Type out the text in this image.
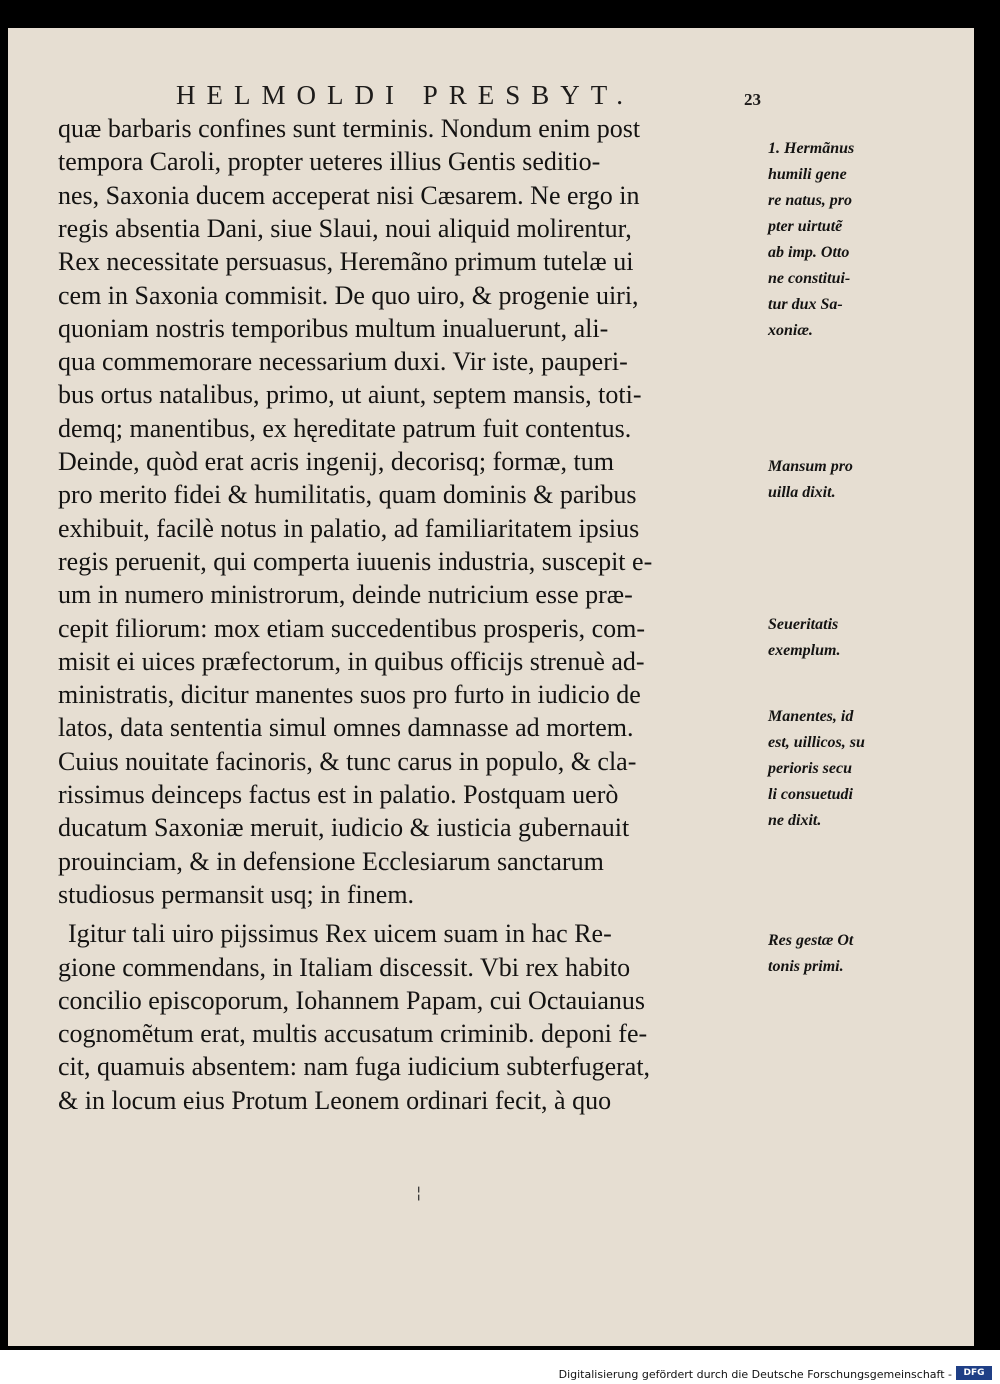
HELMOLDI PRESBYT.	23
quæ barbaris confines sunt terminis. Nondum enim post
tempora Caroli, propter ueteres illius Gentis seditio-
nes, Saxonia ducem acceperat nisi Cæsarem. Ne ergo in
regis absentia Dani, siue Slaui, noui aliquid molirentur,
Rex necessitate persuasus, Heremãno primum tutelæ ui
cem in Saxonia commisit. De quo uiro, & progenie uiri,
quoniam nostris temporibus multum inualuerunt, ali-
qua commemorare necessarium duxi. Vir iste, pauperi-
bus ortus natalibus, primo, ut aiunt, septem mansis, toti-
demq; manentibus, ex hęreditate patrum fuit contentus.
Deinde, quòd erat acris ingenij, decorisq; formæ, tum
pro merito fidei & humilitatis, quam dominis & paribus
exhibuit, facilè notus in palatio, ad familiaritatem ipsius
regis peruenit, qui comperta iuuenis industria, suscepit e-
um in numero ministrorum, deinde nutricium esse præ-
cepit filiorum: mox etiam succedentibus prosperis, com-
misit ei uices præfectorum, in quibus officijs strenuè ad-
ministratis, dicitur manentes suos pro furto in iudicio de
latos, data sententia simul omnes damnasse ad mortem.
Cuius nouitate facinoris, & tunc carus in populo, & cla-
rissimus deinceps factus est in palatio. Postquam uerò
ducatum Saxoniæ meruit, iudicio & iusticia gubernauit
prouinciam, & in defensione Ecclesiarum sanctarum
studiosus permansit usq; in finem.
Igitur tali uiro pijssimus Rex uicem suam in hac Re-
gione commendans, in Italiam discessit. Vbi rex habito
concilio episcoporum, Iohannem Papam, cui Octauianus
cognomẽtum erat, multis accusatum criminib. deponi fe-
cit, quamuis absentem: nam fuga iudicium subterfugerat,
& in locum eius Protum Leonem ordinari fecit, à quo
1. Hermãnus
humili gene
re natus, pro
pter uirtutẽ
ab imp. Otto
ne constitui-
tur dux Sa-
xoniæ.
Mansum pro
uilla dixit.
Seueritatis
exemplum.
Manentes, id
est, uillicos, su
perioris secu
li consuetudi
ne dixit.
Res gestæ Ot
tonis primi.
¦
Digitalisierung gefördert durch die Deutsche Forschungsgemeinschaft -	DFG
